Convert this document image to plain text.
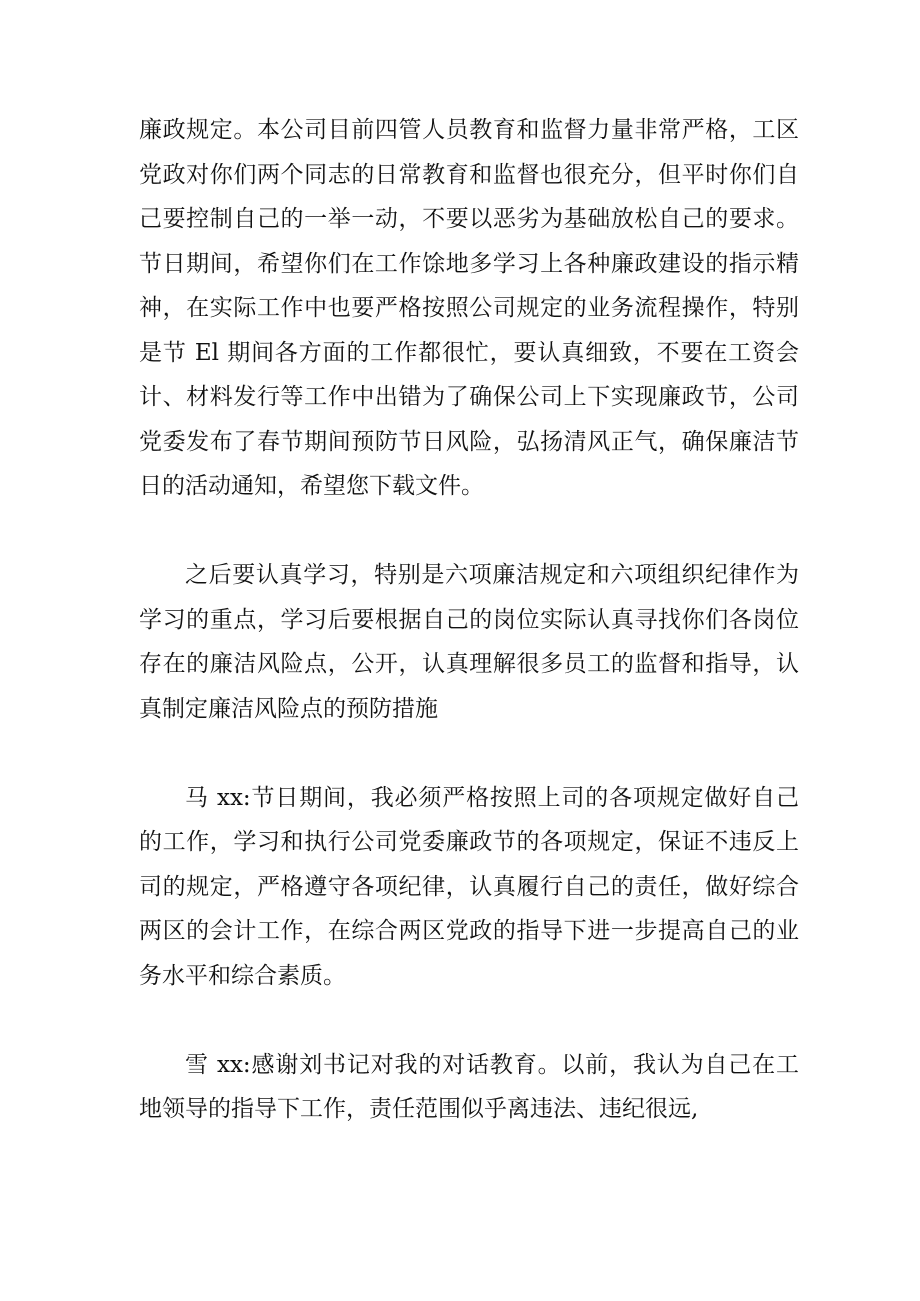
廉政规定。本公司目前四管人员教育和监督力量非常严格，工区
党政对你们两个同志的日常教育和监督也很充分，但平时你们自
己要控制自己的一举一动，不要以恶劣为基础放松自己的要求。
节日期间，希望你们在工作馀地多学习上各种廉政建设的指示精
神，在实际工作中也要严格按照公司规定的业务流程操作，特别
是节 El 期间各方面的工作都很忙，要认真细致，不要在工资会
计、材料发行等工作中出错为了确保公司上下实现廉政节，公司
党委发布了春节期间预防节日风险，弘扬清风正气，确保廉洁节
日的活动通知，希望您下载文件。
之后要认真学习，特别是六项廉洁规定和六项组织纪律作为
学习的重点，学习后要根据自己的岗位实际认真寻找你们各岗位
存在的廉洁风险点，公开，认真理解很多员工的监督和指导，认
真制定廉洁风险点的预防措施
马 xx:节日期间，我必须严格按照上司的各项规定做好自己
的工作，学习和执行公司党委廉政节的各项规定，保证不违反上
司的规定，严格遵守各项纪律，认真履行自己的责任，做好综合
两区的会计工作，在综合两区党政的指导下进一步提高自己的业
务水平和综合素质。
雪 xx:感谢刘书记对我的对话教育。以前，我认为自己在工
地领导的指导下工作，责任范围似乎离违法、违纪很远,
